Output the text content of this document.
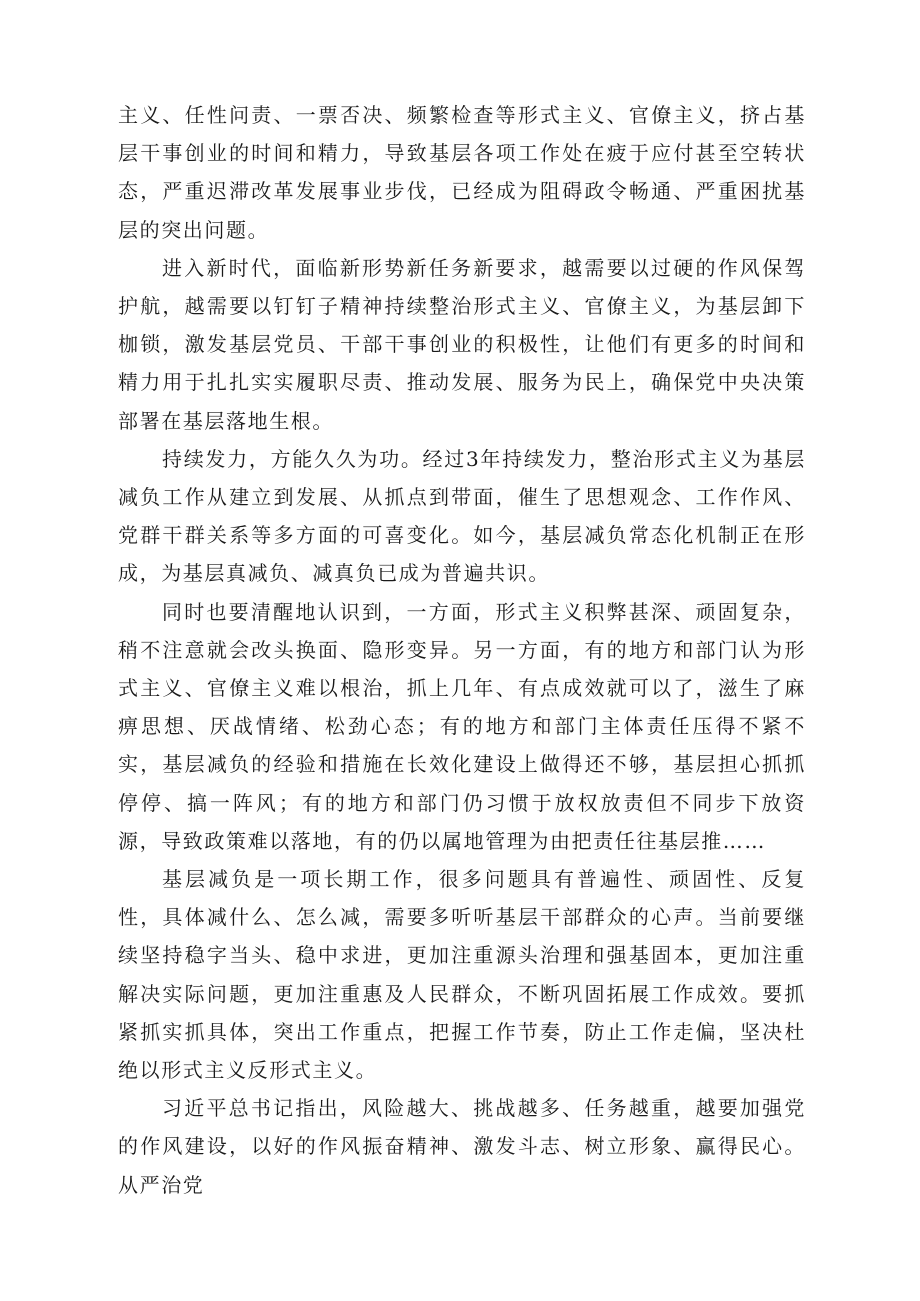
主义、任性问责、一票否决、频繁检查等形式主义、官僚主义，挤占基层干事创业的时间和精力，导致基层各项工作处在疲于应付甚至空转状态，严重迟滞改革发展事业步伐，已经成为阻碍政令畅通、严重困扰基层的突出问题。

进入新时代，面临新形势新任务新要求，越需要以过硬的作风保驾护航，越需要以钉钉子精神持续整治形式主义、官僚主义，为基层卸下枷锁，激发基层党员、干部干事创业的积极性，让他们有更多的时间和精力用于扎扎实实履职尽责、推动发展、服务为民上，确保党中央决策部署在基层落地生根。

持续发力，方能久久为功。经过3年持续发力，整治形式主义为基层减负工作从建立到发展、从抓点到带面，催生了思想观念、工作作风、党群干群关系等多方面的可喜变化。如今，基层减负常态化机制正在形成，为基层真减负、减真负已成为普遍共识。

同时也要清醒地认识到，一方面，形式主义积弊甚深、顽固复杂，稍不注意就会改头换面、隐形变异。另一方面，有的地方和部门认为形式主义、官僚主义难以根治，抓上几年、有点成效就可以了，滋生了麻痹思想、厌战情绪、松劲心态；有的地方和部门主体责任压得不紧不实，基层减负的经验和措施在长效化建设上做得还不够，基层担心抓抓停停、搞一阵风；有的地方和部门仍习惯于放权放责但不同步下放资源，导致政策难以落地，有的仍以属地管理为由把责任往基层推……

基层减负是一项长期工作，很多问题具有普遍性、顽固性、反复性，具体减什么、怎么减，需要多听听基层干部群众的心声。当前要继续坚持稳字当头、稳中求进，更加注重源头治理和强基固本，更加注重解决实际问题，更加注重惠及人民群众，不断巩固拓展工作成效。要抓紧抓实抓具体，突出工作重点，把握工作节奏，防止工作走偏，坚决杜绝以形式主义反形式主义。

习近平总书记指出，风险越大、挑战越多、任务越重，越要加强党的作风建设，以好的作风振奋精神、激发斗志、树立形象、赢得民心。从严治党
